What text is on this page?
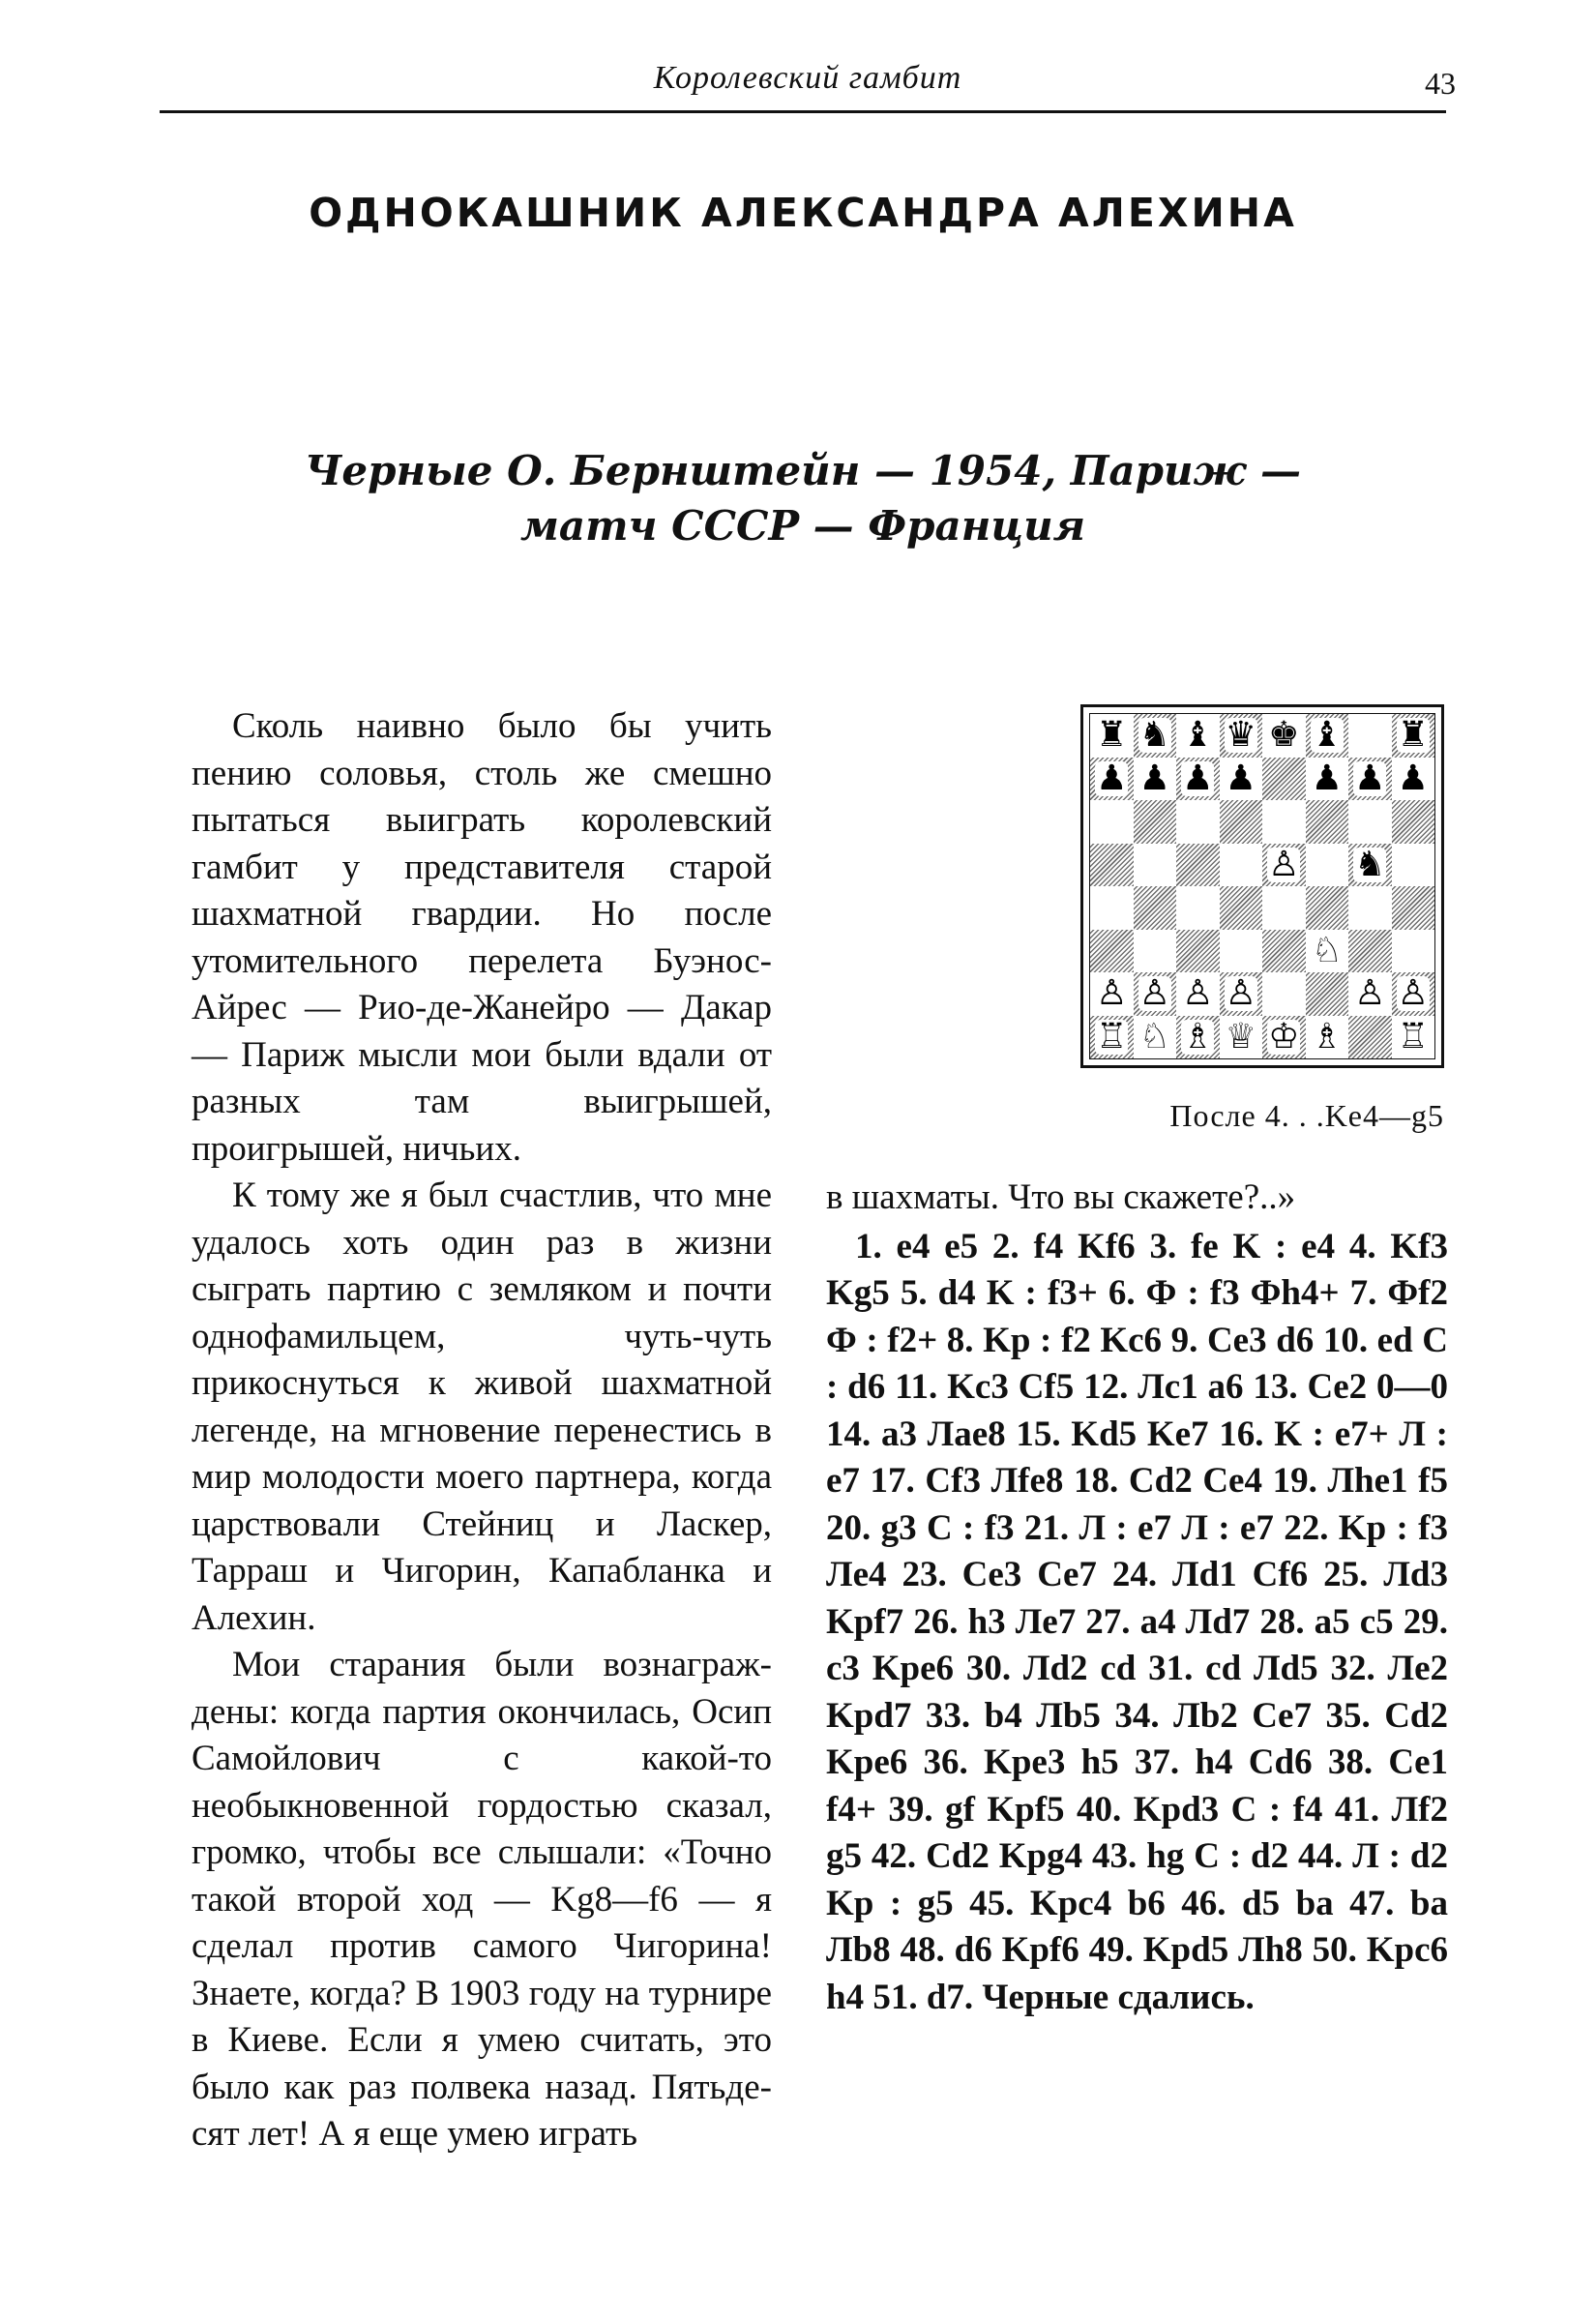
Королевский гамбит	43
ОДНОКАШНИК АЛЕКСАНДРА АЛЕХИНА
Черные О. Бернштейн — 1954, Париж —
матч СССР — Франция

Сколь наивно было бы учить пению соловья, столь же смешно пытаться выиграть королевский гамбит у представителя старой шахматной гвардии. Но после утомительного перелета Буэнос-Айрес — Рио-де-Жанейро — Дакар — Париж мысли мои были вдали от разных там выигрышей, проигрышей, ничьих.

К тому же я был счастлив, что мне удалось хоть один раз в жизни сыграть партию с земляком и почти однофамильцем, чуть-чуть прикоснуться к живой шахматной легенде, на мгновение перенестись в мир молодости моего партнера, когда царствовали Стейниц и Ласкер, Тарраш и Чигорин, Капабланка и Алехин.

Мои старания были вознаграждены: когда партия окончилась, Осип Самойлович с какой-то необыкновенной гордостью сказал, громко, чтобы все слышали: «Точно такой второй ход — Kg8—f6 — я сделал против самого Чигорина! Знаете, когда? В 1903 году на турнире в Киеве. Если я умею считать, это было как раз полвека назад. Пятьдесят лет! А я еще умею играть

♜ ♞ ♝ ♛ ♚ ♝ ♜
♟ ♟ ♟ ♟ ♟ ♟ ♟
♙ ♞
♘
♙ ♙ ♙ ♙	♙ ♙
♖ ♘ ♗ ♕ ♔ ♗ ♖
После 4. . .Ke4—g5

в шахматы. Что вы скажете?..»

1. e4 e5 2. f4 Kf6 3. fe K : e4 4. Kf3 Kg5 5. d4 K : f3+ 6. Ф : f3 Фh4+ 7. Фf2 Ф : f2+ 8. Kp : f2 Kc6 9. Ce3 d6 10. ed C : d6 11. Kc3 Cf5 12. Лc1 a6 13. Ce2 0—0 14. a3 Лae8 15. Kd5 Ke7 16. K : e7+ Л : e7 17. Cf3 Лfe8 18. Cd2 Ce4 19. Лhe1 f5 20. g3 C : f3 21. Л : e7 Л : e7 22. Kp : f3 Лe4 23. Ce3 Ce7 24. Лd1 Cf6 25. Лd3 Kpf7 26. h3 Лe7 27. a4 Лd7 28. a5 c5 29. c3 Kpe6 30. Лd2 cd 31. cd Лd5 32. Лe2 Kpd7 33. b4 Лb5 34. Лb2 Ce7 35. Cd2 Kpe6 36. Kpe3 h5 37. h4 Cd6 38. Ce1 f4+ 39. gf Kpf5 40. Kpd3 C : f4 41. Лf2 g5 42. Cd2 Kpg4 43. hg C : d2 44. Л : d2 Kp : g5 45. Kpc4 b6 46. d5 ba 47. ba Лb8 48. d6 Kpf6 49. Kpd5 Лh8 50. Kpc6 h4 51. d7. Черные сдались.
